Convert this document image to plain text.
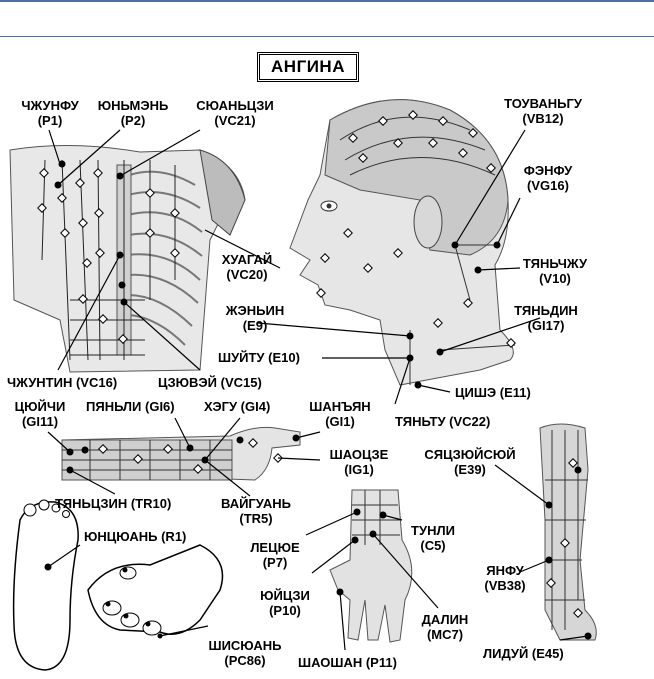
АНГИНА
ЧЖУНФУ
(P1)
ЮНЬМЭНЬ
(P2)
СЮАНЬЦЗИ
(VC21)
ТОУВАНЬГУ
(VB12)
ФЭНФУ
(VG16)
ХУАГАЙ
(VC20)
ТЯНЬЧЖУ
(V10)
ЖЭНЬИН
(E9)
ТЯНЬДИН
(GI17)
ШУЙТУ (E10)
ЧЖУНТИН (VC16)	ЦЗЮВЭЙ (VC15)
ЦИШЭ (E11)
ТЯНЬТУ (VC22)
ЦЮЙЧИ
(GI11)
ПЯНЬЛИ (GI6) ХЭГУ (GI4)	ШАНЪЯН
(GI1)
ШАОЦЗЕ
(IG1)
СЯЦЗЮЙСЮЙ
(E39)
ТЯНЬЦЗИН (TR10)	ВАЙГУАНЬ
(TR5)
ЮНЦЮАНЬ (R1)	ТУНЛИ
(C5)
ЛЕЦЮЕ
(P7)
ЯНФУ
(VB38)
ЮЙЦЗИ
(P10)
ДАЛИН
(MC7)
ШИСЮАНЬ
(PC86)	ЛИДУЙ (E45)
ШАОШАН (P11)
